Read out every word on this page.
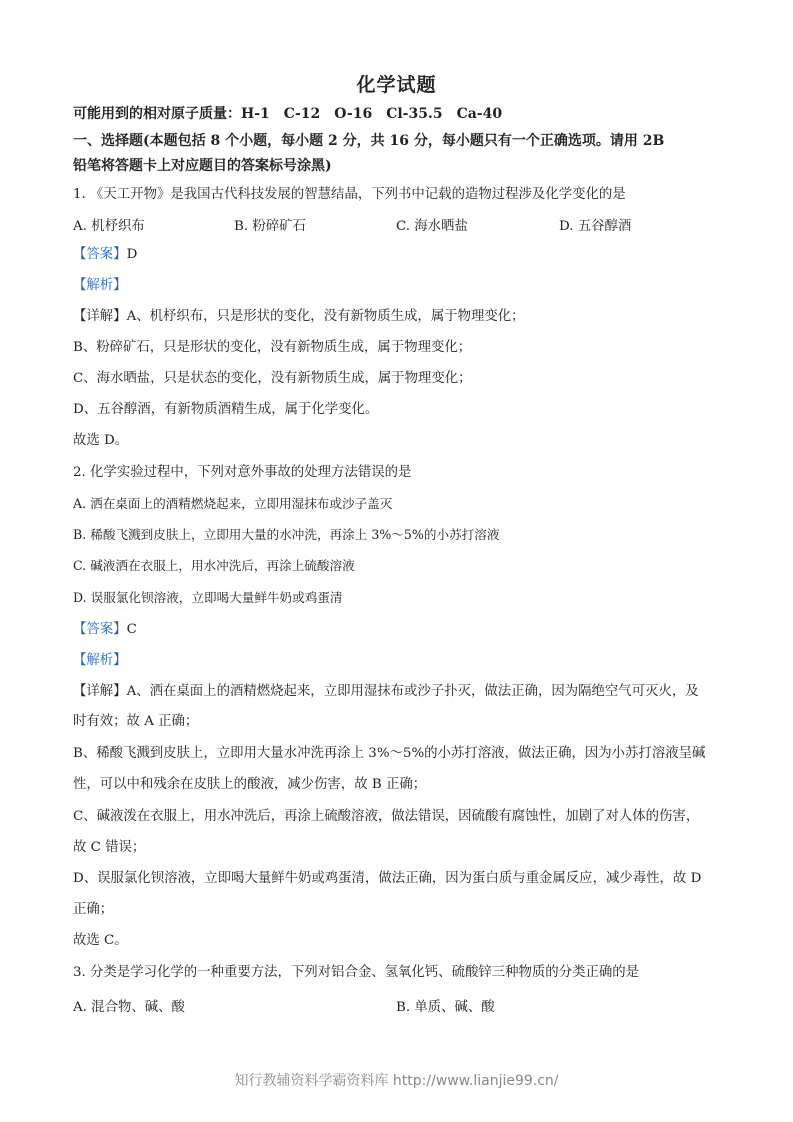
化学试题
可能用到的相对原子质量：H-1　C-12　O-16　Cl-35.5　Ca-40
一、选择题(本题包括 8 个小题，每小题 2 分，共 16 分，每小题只有一个正确选项。请用 2B
铅笔将答题卡上对应题目的答案标号涂黑)
1. 《天工开物》是我国古代科技发展的智慧结晶，下列书中记载的造物过程涉及化学变化的是
A. 机杼织布	B. 粉碎矿石	C. 海水晒盐	D. 五谷醇酒
【答案】D
【解析】
【详解】A、机杼织布，只是形状的变化，没有新物质生成，属于物理变化；
B、粉碎矿石，只是形状的变化，没有新物质生成，属于物理变化；
C、海水晒盐，只是状态的变化，没有新物质生成，属于物理变化；
D、五谷醇酒，有新物质酒精生成，属于化学变化。
故选 D。
2. 化学实验过程中，下列对意外事故的处理方法错误的是
A. 洒在桌面上的酒精燃烧起来，立即用湿抹布或沙子盖灭
B. 稀酸飞溅到皮肤上，立即用大量的水冲洗，再涂上 3%～5%的小苏打溶液
C. 碱液洒在衣服上，用水冲洗后，再涂上硫酸溶液
D. 误服氯化钡溶液，立即喝大量鲜牛奶或鸡蛋清
【答案】C
【解析】
【详解】A、洒在桌面上的酒精燃烧起来，立即用湿抹布或沙子扑灭，做法正确，因为隔绝空气可灭火，及
时有效；故 A 正确；
B、稀酸飞溅到皮肤上，立即用大量水冲洗再涂上 3%～5%的小苏打溶液，做法正确，因为小苏打溶液呈碱
性，可以中和残余在皮肤上的酸液，减少伤害，故 B 正确；
C、碱液泼在衣服上，用水冲洗后，再涂上硫酸溶液，做法错误，因硫酸有腐蚀性，加剧了对人体的伤害，
故 C 错误；
D、误服氯化钡溶液，立即喝大量鲜牛奶或鸡蛋清，做法正确，因为蛋白质与重金属反应，减少毒性，故 D
正确；
故选 C。
3. 分类是学习化学的一种重要方法，下列对铝合金、氢氧化钙、硫酸锌三种物质的分类正确的是
A. 混合物、碱、酸	B. 单质、碱、酸
知行教辅资料学霸资料库 http://www.lianjie99.cn/
